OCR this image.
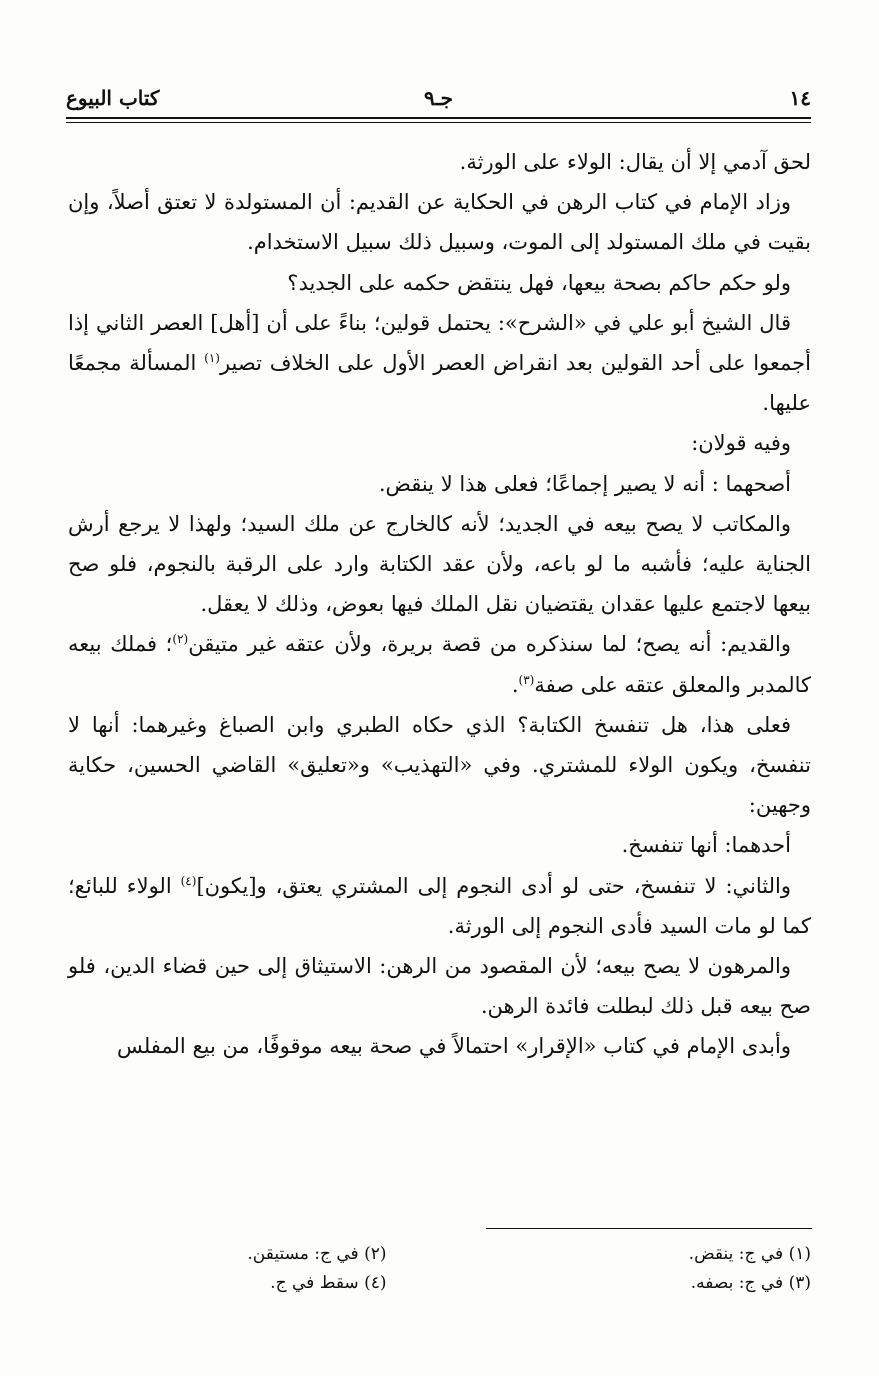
١٤
جـ٩
كتاب البيوع

لحق آدمي إلا أن يقال: الولاء على الورثة.

وزاد الإمام في كتاب الرهن في الحكاية عن القديم: أن المستولدة لا تعتق أصلاً، وإن بقيت في ملك المستولد إلى الموت، وسبيل ذلك سبيل الاستخدام.

ولو حكم حاكم بصحة بيعها، فهل ينتقض حكمه على الجديد؟

قال الشيخ أبو علي في «الشرح»: يحتمل قولين؛ بناءً على أن [أهل] العصر الثاني إذا أجمعوا على أحد القولين بعد انقراض العصر الأول على الخلاف تصير$^{(١)}$ المسألة مجمعًا عليها.

وفيه قولان:

أصحهما : أنه لا يصير إجماعًا؛ فعلى هذا لا ينقض.

والمكاتب لا يصح بيعه في الجديد؛ لأنه كالخارج عن ملك السيد؛ ولهذا لا يرجع أرش الجناية عليه؛ فأشبه ما لو باعه، ولأن عقد الكتابة وارد على الرقبة بالنجوم، فلو صح بيعها لاجتمع عليها عقدان يقتضيان نقل الملك فيها بعوض، وذلك لا يعقل.

والقديم: أنه يصح؛ لما سنذكره من قصة بريرة، ولأن عتقه غير متيقن$^{(٢)}$؛ فملك بيعه كالمدبر والمعلق عتقه على صفة$^{(٣)}$.

فعلى هذا، هل تنفسخ الكتابة؟ الذي حكاه الطبري وابن الصباغ وغيرهما: أنها لا تنفسخ، ويكون الولاء للمشتري. وفي «التهذيب» و«تعليق» القاضي الحسين، حكاية وجهين:

أحدهما: أنها تنفسخ.

والثاني: لا تنفسخ، حتى لو أدى النجوم إلى المشتري يعتق، و[يكون]$^{(٤)}$ الولاء للبائع؛ كما لو مات السيد فأدى النجوم إلى الورثة.

والمرهون لا يصح بيعه؛ لأن المقصود من الرهن: الاستيثاق إلى حين قضاء الدين، فلو صح بيعه قبل ذلك لبطلت فائدة الرهن.

وأبدى الإمام في كتاب «الإقرار» احتمالاً في صحة بيعه موقوفًا، من بيع المفلس

(١) في ج: ينقض.
(٢) في ج: مستيقن.
(٣) في ج: بصفه.
(٤) سقط في ج.
